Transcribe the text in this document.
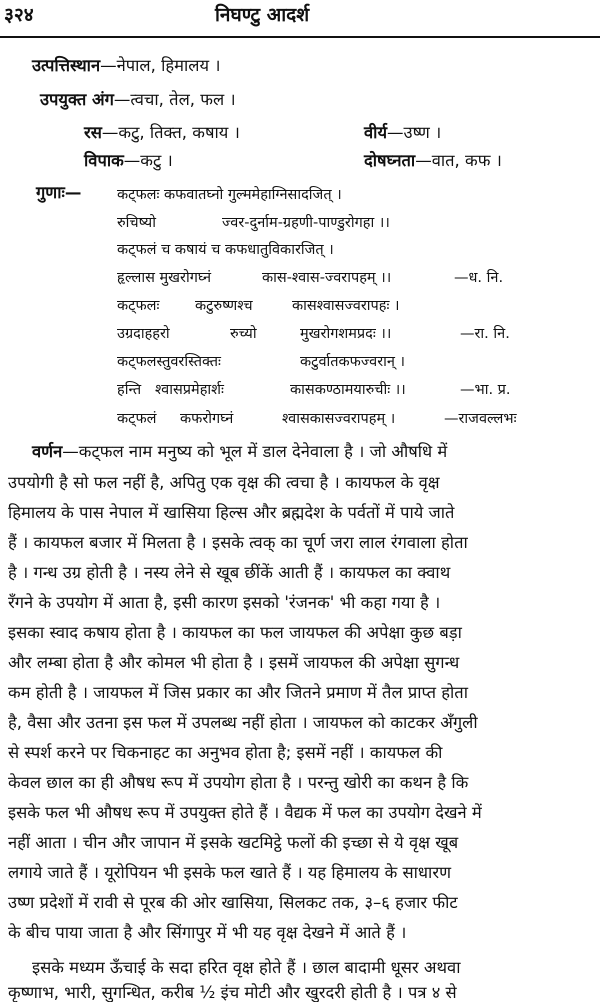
३२४	निघण्टु आदर्श
उत्पत्तिस्थान—नेपाल, हिमालय ।
उपयुक्त अंग—त्वचा, तेल, फल ।
रस—कटु, तिक्त, कषाय ।	वीर्य—उष्ण ।
विपाक—कटु ।	दोषघ्नता—वात, कफ ।
गुणाः— कट्फलः कफवातघ्नो गुल्ममेहाग्निसादजित् ।
रुचिष्यो	ज्वर-दुर्नाम-ग्रहणी-पाण्डुरोगहा ।।
कट्फलं च कषायं च कफधातुविकारजित् ।
हृल्लास मुखरोगघ्नं	कास-श्वास-ज्वरापहम् ।।	—ध. नि.
कट्फलः कटुरुष्णश्च	कासश्वासज्वरापहः ।
उग्रदाहहरो	रुच्यो	मुखरोगशमप्रदः ।।	—रा. नि.
कट्फलस्तुवरस्तिक्तः	कटुर्वातकफज्वरान् ।
हन्ति श्वासप्रमेहार्शः	कासकण्ठामयारुचीः ।।	—भा. प्र.
कट्फलं कफरोगघ्नं	श्वासकासज्वरापहम् ।	—राजवल्लभः
वर्णन—कट्फल नाम मनुष्य को भूल में डाल देनेवाला है । जो औषधि में
उपयोगी है सो फल नहीं है, अपितु एक वृक्ष की त्वचा है । कायफल के वृक्ष
हिमालय के पास नेपाल में खासिया हिल्स और ब्रह्मदेश के पर्वतों में पाये जाते
हैं । कायफल बजार में मिलता है । इसके त्वक् का चूर्ण जरा लाल रंगवाला होता
है । गन्ध उग्र होती है । नस्य लेने से खूब छींकें आती हैं । कायफल का क्वाथ
रँगने के उपयोग में आता है, इसी कारण इसको 'रंजनक' भी कहा गया है ।
इसका स्वाद कषाय होता है । कायफल का फल जायफल की अपेक्षा कुछ बड़ा
और लम्बा होता है और कोमल भी होता है । इसमें जायफल की अपेक्षा सुगन्ध
कम होती है । जायफल में जिस प्रकार का और जितने प्रमाण में तैल प्राप्त होता
है, वैसा और उतना इस फल में उपलब्ध नहीं होता । जायफल को काटकर अँगुली
से स्पर्श करने पर चिकनाहट का अनुभव होता है; इसमें नहीं । कायफल की
केवल छाल का ही औषध रूप में उपयोग होता है । परन्तु खोरी का कथन है कि
इसके फल भी औषध रूप में उपयुक्त होते हैं । वैद्यक में फल का उपयोग देखने में
नहीं आता । चीन और जापान में इसके खटमिट्ठे फलों की इच्छा से ये वृक्ष खूब
लगाये जाते हैं । यूरोपियन भी इसके फल खाते हैं । यह हिमालय के साधारण
उष्ण प्रदेशों में रावी से पूरब की ओर खासिया, सिलकट तक, ३–६ हजार फीट
के बीच पाया जाता है और सिंगापुर में भी यह वृक्ष देखने में आते हैं ।
इसके मध्यम ऊँचाई के सदा हरित वृक्ष होते हैं । छाल बादामी धूसर अथवा
कृष्णाभ, भारी, सुगन्धित, करीब ½ इंच मोटी और खुरदरी होती है । पत्र ४ से
